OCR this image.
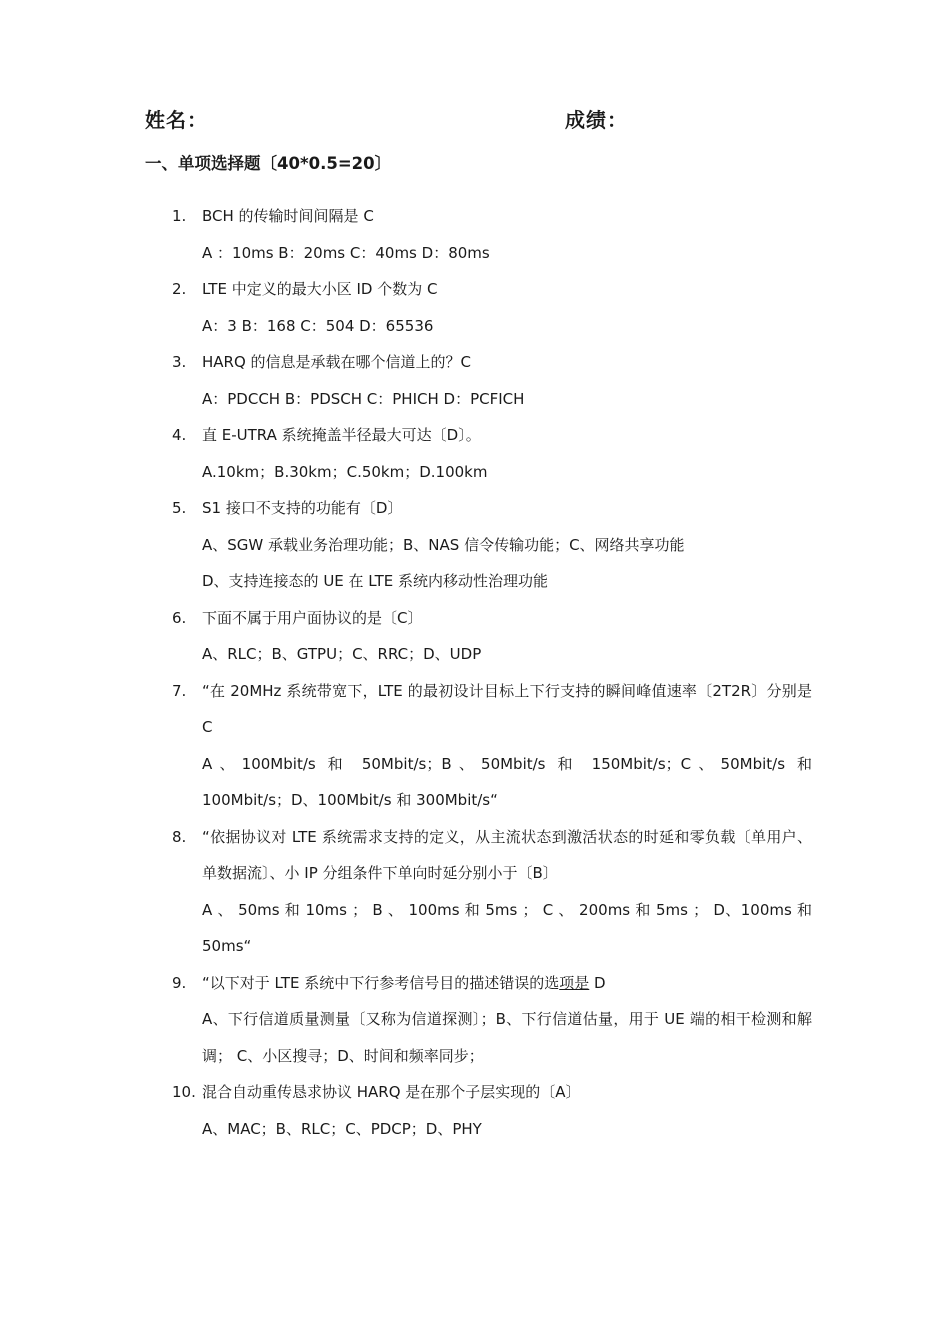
姓名：	成绩：
一、单项选择题〔40*0.5=20〕
1. BCH 的传输时间间隔是 C
A ：10ms B：20ms C：40ms D：80ms
2. LTE 中定义的最大小区 ID 个数为 C
A：3 B：168 C：504 D：65536
3. HARQ 的信息是承载在哪个信道上的？C
A：PDCCH B：PDSCH C：PHICH D：PCFICH
4. 直 E-UTRA 系统掩盖半径最大可达〔D〕。
A.10km；B.30km；C.50km；D.100km
5. S1 接口不支持的功能有〔D〕
A、SGW 承载业务治理功能；B、NAS 信令传输功能；C、网络共享功能
D、支持连接态的 UE 在 LTE 系统内移动性治理功能
6. 下面不属于用户面协议的是〔C〕
A、RLC；B、GTPU；C、RRC；D、UDP
7. “在 20MHz 系统带宽下，LTE 的最初设计目标上下行支持的瞬间峰值速率〔2T2R〕分别是 C
A、100Mbit/s 和 50Mbit/s；B、50Mbit/s 和 150Mbit/s；C、50Mbit/s 和 100Mbit/s；D、100Mbit/s 和 300Mbit/s“
8. “依据协议对 LTE 系统需求支持的定义，从主流状态到激活状态的时延和零负载〔单用户、单数据流〕、小 IP 分组条件下单向时延分别小于〔B〕
A 、 50ms 和 10ms ； B 、 100ms 和 5ms ； C 、 200ms 和 5ms ； D、100ms 和 50ms“
9. “以下对于 LTE 系统中下行参考信号目的描述错误的选项是 D
A、下行信道质量测量〔又称为信道探测〕；B、下行信道估量，用于 UE 端的相干检测和解调； C、小区搜寻；D、时间和频率同步；
10. 混合自动重传恳求协议 HARQ 是在那个子层实现的〔A〕
A、MAC；B、RLC；C、PDCP；D、PHY
